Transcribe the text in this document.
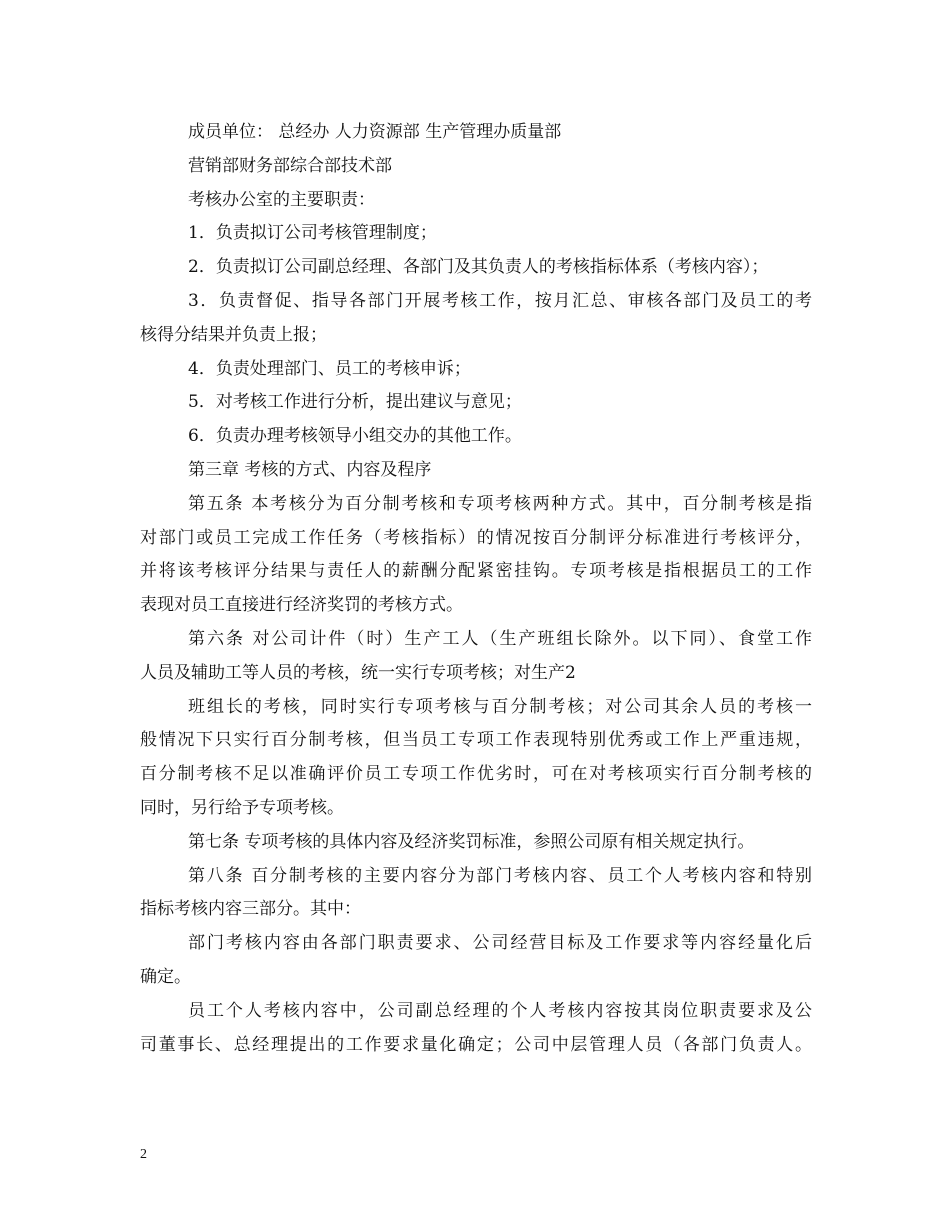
成员单位： 总经办 人力资源部 生产管理办质量部
营销部财务部综合部技术部
考核办公室的主要职责：
1．负责拟订公司考核管理制度；
2．负责拟订公司副总经理、各部门及其负责人的考核指标体系（考核内容）；
3．负责督促、指导各部门开展考核工作，按月汇总、审核各部门及员工的考
核得分结果并负责上报；
4．负责处理部门、员工的考核申诉；
5．对考核工作进行分析，提出建议与意见；
6．负责办理考核领导小组交办的其他工作。
第三章 考核的方式、内容及程序
第五条 本考核分为百分制考核和专项考核两种方式。其中，百分制考核是指
对部门或员工完成工作任务（考核指标）的情况按百分制评分标准进行考核评分，
并将该考核评分结果与责任人的薪酬分配紧密挂钩。专项考核是指根据员工的工作
表现对员工直接进行经济奖罚的考核方式。
第六条 对公司计件（时）生产工人（生产班组长除外。以下同）、食堂工作
人员及辅助工等人员的考核，统一实行专项考核；对生产2
班组长的考核，同时实行专项考核与百分制考核；对公司其余人员的考核一
般情况下只实行百分制考核，但当员工专项工作表现特别优秀或工作上严重违规，
百分制考核不足以准确评价员工专项工作优劣时，可在对考核项实行百分制考核的
同时，另行给予专项考核。
第七条 专项考核的具体内容及经济奖罚标准，参照公司原有相关规定执行。
第八条 百分制考核的主要内容分为部门考核内容、员工个人考核内容和特别
指标考核内容三部分。其中：
部门考核内容由各部门职责要求、公司经营目标及工作要求等内容经量化后
确定。
员工个人考核内容中，公司副总经理的个人考核内容按其岗位职责要求及公
司董事长、总经理提出的工作要求量化确定；公司中层管理人员（各部门负责人。
2
